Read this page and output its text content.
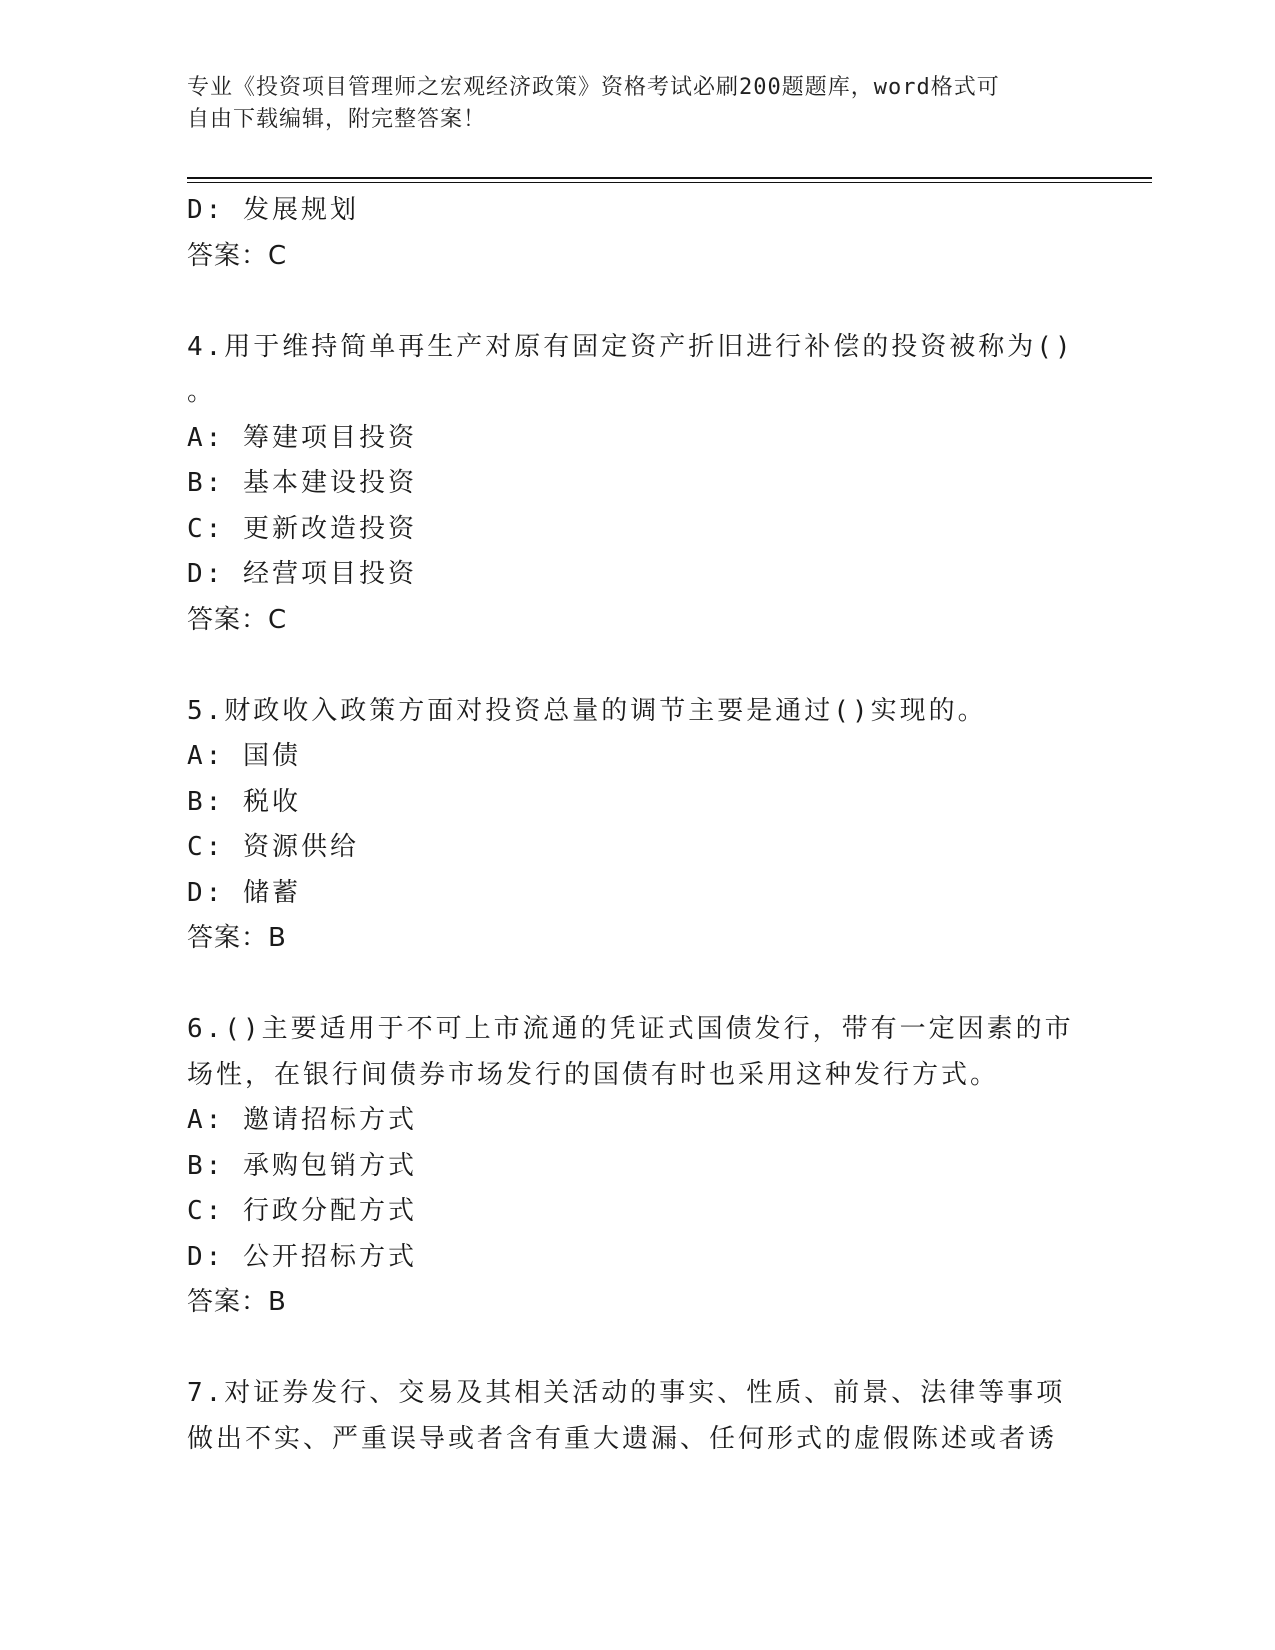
专业《投资项目管理师之宏观经济政策》资格考试必刷200题题库，word格式可
自由下载编辑，附完整答案！
D: 发展规划
答案：C
4.用于维持简单再生产对原有固定资产折旧进行补偿的投资被称为()
。
A: 筹建项目投资
B: 基本建设投资
C: 更新改造投资
D: 经营项目投资
答案：C
5.财政收入政策方面对投资总量的调节主要是通过()实现的。
A: 国债
B: 税收
C: 资源供给
D: 储蓄
答案：B
6.()主要适用于不可上市流通的凭证式国债发行，带有一定因素的市
场性，在银行间债券市场发行的国债有时也采用这种发行方式。
A: 邀请招标方式
B: 承购包销方式
C: 行政分配方式
D: 公开招标方式
答案：B
7.对证券发行、交易及其相关活动的事实、性质、前景、法律等事项
做出不实、严重误导或者含有重大遗漏、任何形式的虚假陈述或者诱
